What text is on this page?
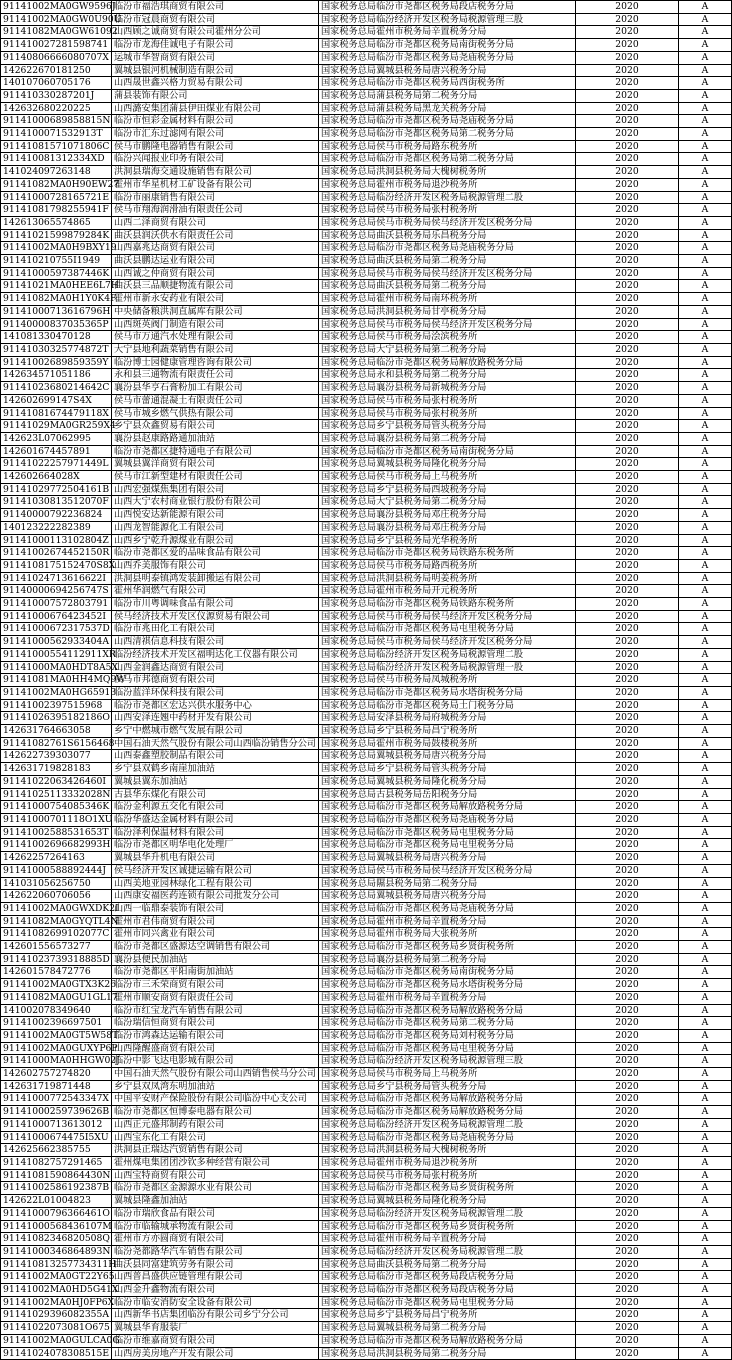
91141002MA0GW9596J	临汾市福浩琪商贸有限公司	国家税务总局临汾市尧都区税务局段店税务分局	2020	A
91141002MA0GW0U90U	临汾市冠晨商贸有限公司	国家税务总局临汾经济开发区税务局税源管理三股	2020	A
91141082MA0GW61092	山西顾之诚商贸有限公司霍州分公司	国家税务总局霍州市税务局辛置税务分局	2020	A
911410027281598741	临汾市龙海佳诚电子有限公司	国家税务总局临汾市尧都区税务局南街税务分局	2020	A
91140806666080707X	运城市华智商贸有限公司	国家税务总局临汾市尧都区税务局尧庙税务分局	2020	A
142622670181250	翼城县银河机械制造有限公司	国家税务总局翼城县税务局唐兴税务分局	2020	A
140107060705176	山西晟世鑫兴格力贸易有限公司	国家税务总局临汾市尧都区税务局西街税务所	2020	A
911410330287201J	蒲县装饰有限公司	国家税务总局蒲县税务局第二税务分局	2020	A
142632680220225	山西潞安集团蒲县伊田煤业有限公司	国家税务总局蒲县税务局黑龙关税务分局	2020	A
91141000689858815N	临汾市恒彩金属材料有限公司	国家税务总局临汾市尧都区税务局尧庙税务分局	2020	A
9114100071532913T	临汾市汇东过滤网有限公司	国家税务总局临汾市尧都区税务局第二税务分局	2020	A
91141081571071806C	侯马市鹏隆电器销售有限公司	国家税务总局侯马市税务局路东税务所	2020	A
911410081312334XD	临汾兴闻报业印务有限公司	国家税务总局临汾市尧都区税务局第二税务分局	2020	A
141024097263148	洪洞县瑞海交通设施销售有限公司	国家税务总局洪洞县税务局大槐树税务所	2020	A
91141082MA0H90EW27	霍州市华星机材工矿设备有限公司	国家税务总局霍州市税务局退沙税务所	2020	A
91141000728165721E	临汾市丽康销售有限公司	国家税务总局临汾经济开发区税务局税源管理二股	2020	A
91141081798255941F	侯马市翔海润滑油有限责任公司	国家税务总局侯马市税务局张村税务所	2020	A
142613065574865	山西二泽商贸有限公司	国家税务总局侯马市税务局侯马经济开发区税务分局	2020	A
91141021599879284K	曲沃县润沃供水有限责任公司	国家税务总局曲沃县税务局乐昌税务分局	2020	A
91141002MA0H9BXY19	山西嘉兆达商贸有限公司	国家税务总局临汾市尧都区税务局尧庙税务分局	2020	A
911410210755I1949	曲沃县鹏达运业有限公司	国家税务总局曲沃县税务局第二税务分局	2020	A
91141000597387446K	山西诚之仲商贸有限公司	国家税务总局侯马市税务局侯马经济开发区税务分局	2020	A
91141021MA0HEE6L7H	曲沃县三品顺捷物流有限公司	国家税务总局曲沃县税务局第二税务分局	2020	A
91141082MA0H1Y0K4F	霍州市新永安药业有限公司	国家税务总局霍州市税务局南环税务所	2020	A
91141000713616796H	中央储备粮洪洞直属库有限公司	国家税务总局洪洞县税务局甘亭税务分局	2020	A
91140000837035365P	山西斑英阀门制造有限公司	国家税务总局侯马市税务局侯马经济开发区税务分局	2020	A
141081330470128	侯马市万通汽水处理有限公司	国家税务总局侯马市税务局浍滨税务所	2020	A
91141030325774872T	大宁县地利蔬菜销售有限公司	国家税务总局大宁县税务局第二税务分局	2020	A
91141002689859359Y	临汾博士园健康管理咨询有限公司	国家税务总局临汾市尧都区税务局解放路税务分局	2020	A
142634571051186	永和县三通物流有限责任公司	国家税务总局永和县税务局第二税务分局	2020	A
91141023680214642C	襄汾县华亨石膏粉加工有限公司	国家税务总局襄汾县税务局新城税务分局	2020	A
142602699147S4X	侯马市蕾通混凝土有限责任公司	国家税务总局侯马市税务局张村税务所	2020	A
91141081674479118X	侯马市城乡燃气供热有限公司	国家税务总局侯马市税务局张村税务所	2020	A
91141029MA0GR259X4	乡宁县众鑫贸易有限公司	国家税务总局乡宁县税务局管头税务分局	2020	A
142623L07062995	襄汾县赵康路路通加油站	国家税务总局襄汾县税务局第二税务分局	2020	A
142601674457891	临汾市尧都区捷特通电子有限公司	国家税务总局临汾市尧都区税务局南街税务分局	2020	A
91141022257971449L	翼城县翼洋商贸有限公司	国家税务总局翼城县税务局隆化税务分局	2020	A
142602664028X	侯马市江新型建材有限责任公司	国家税务总局侯马市税务局上马税务所	2020	A
91141029772504161B	山西宏强煤焦集团有限公司	国家税务总局乡宁县税务局西坡税务分局	2020	A
91141030813512070F	山西大宁农村商业银行股份有限公司	国家税务总局大宁县税务局第二税务分局	2020	A
91140000792236824	山西悦安达新能源有限公司	国家税务总局襄汾县税务局邓庄税务分局	2020	A
140123222282389	山西龙智能源化工有限公司	国家税务总局襄汾县税务局邓庄税务分局	2020	A
91141000113102804Z	山西乡宁乾升源煤业有限公司	国家税务总局乡宁县税务局光华税务所	2020	A
91141002674452150R	临汾市尧都区爱的品味食品有限公司	国家税务总局临汾市尧都区税务局铁路东税务所	2020	A
9114108175152470S8X	山西乔美服饰有限公司	国家税务总局侯马市税务局路西税务所	2020	A
91141024713616622I	洪洞县明泰镇鸿发装卸搬运有限公司	国家税务总局洪洞县税务局明姜税务所	2020	A
91140000694256747S	霍州华润燃气有限公司	国家税务总局霍州市税务局开元税务所	2020	A
911410007572803791	临汾市川粤调味食品有限公司	国家税务总局临汾市尧都区税务局铁路东税务所	2020	A
91141000676423452I	侯马经济技术开发区仪源贸易有限公司	国家税务总局侯马市税务局侯马经济开发区税务分局	2020	A
91141000672317537D	临汾市兆田化工有限公司	国家税务总局临汾市尧都区税务局屯里税务分局	2020	A
91141000562933404A	山西清祺信息科技有限公司	国家税务总局侯马市税务局侯马经济开发区税务分局	2020	A
91141000554112911XR	临汾经济技术开发区福明达化工仪器有限公司	国家税务总局临汾经济开发区税务局税源管理二股	2020	A
91141000MA0HDT8A5X	山西金润鑫达商贸有限公司	国家税务总局临汾经济开发区税务局税源管理一股	2020	A
91141081MA0HH4MQ9W	侯马市邦德商贸有限公司	国家税务总局侯马市税务局凤城税务所	2020	A
91141002MA0HG65913	临汾蓝洋环保科技有限公司	国家税务总局临汾市尧都区税务局水塔街税务分局	2020	A
91141002397515968	临汾市尧都区宏达兴供水服务中心	国家税务总局临汾市尧都区税务局土门税务分局	2020	A
91141026395182186O	山西安泽连翘中药材开发有限公司	国家税务总局安泽县税务局府城税务分局	2020	A
142631764663058	乡宁中燃城市燃气发展有限公司	国家税务总局乡宁县税务局昌宁税务所	2020	A
91141082761S6156468	中国石油天然气股份有限公司山西临汾销售分公司	国家税务总局霍州市税务局鼓楼税务所	2020	A
142622739303077	山西泰鑫塑胶制品有限公司	国家税务总局翼城县税务局唐兴税务分局	2020	A
142631719828183	乡宁县双鹤乡南崖加油站	国家税务总局乡宁县税务局管头税务分局	2020	A
91141022063426460I	翼城县翼东加油站	国家税务总局翼城县税务局隆化税务分局	2020	A
91141025113332028N	古县华东煤化有限公司	国家税务总局古县税务局岳阳税务分局	2020	A
91141000754085346K	临汾金利源五交化有限公司	国家税务总局临汾市尧都区税务局解放路税务分局	2020	A
91141000701118O1XU	临汾华盛达金属材料有限公司	国家税务总局临汾市尧都区税务局尧庙税务分局	2020	A
91141002588531653T	临汾泽利保温材料有限公司	国家税务总局临汾市尧都区税务局屯里税务分局	2020	A
91141002696682993H	临汾市尧都区明华电化处理厂	国家税务总局临汾市尧都区税务局屯里税务分局	2020	A
14262257264163	翼城县华升机电有限公司	国家税务总局翼城县税务局唐兴税务分局	2020	A
91141000588892444J	侯马经济开发区诚捷运输有限公司	国家税务总局侯马市税务局侯马经济开发区税务分局	2020	A
141031056256750	山西美地亚园林绿化工程有限公司	国家税务总局隰县税务局第二税务分局	2020	A
142622060706056	山西康安福医药连锁有限公司批发分公司	国家税务总局翼城县税务局唐兴税务分局	2020	A
91141002MA0GWXDK2I	山西一临鼎泰装饰有限公司	国家税务总局临汾市尧都区税务局尧庙税务分局	2020	A
91141082MA0GYQTL4N	霍州市君伟商贸有限公司	国家税务总局霍州市税务局辛置税务分局	2020	A
91141082699102077C	霍州市同兴禽业有限公司	国家税务总局霍州市税务局大张税务所	2020	A
142601556573277	临汾市尧都区盛源达空调销售有限公司	国家税务总局临汾市尧都区税务局乡贤街税务所	2020	A
91141023739318885D	襄汾县便民加油站	国家税务总局襄汾县税务局第二税务分局	2020	A
142601578472776	临汾市尧都区平阳南街加油站	国家税务总局临汾市尧都区税务局南街税务分局	2020	A
91141002MA0GTX3K26	临汾市三禾荣商贸有限公司	国家税务总局临汾市尧都区税务局水塔街税务分局	2020	A
91141082MA0GU1GL17	霍州市顺安商贸有限责任公司	国家税务总局霍州市税务局辛置税务分局	2020	A
141002078349640	临汾市红宝龙汽车销售有限公司	国家税务总局临汾市尧都区税务局解放路税务分局	2020	A
91141002396697501	临汾瑞信恒商贸有限公司	国家税务总局临汾市尧都区税务局第二税务分局	2020	A
91141002MA0GT5W58T	临汾市鸿森达运输有限公司	国家税务总局临汾市尧都区税务局刘村税务分局	2020	A
91141002MA0GUXYP6P	山西隆醒盛商贸有限公司	国家税务总局临汾市尧都区税务局屯里税务分局	2020	A
91141000MA0HHGW02J	临汾中影飞达电影城有限公司	国家税务总局临汾经济开发区税务局税源管理三股	2020	A
142602757274820	中国石油天然气股份有限公司山西销售侯马分公司	国家税务总局侯马市税务局上马税务所	2020	A
142631719871448	乡宁县双凤湾东明加油站	国家税务总局乡宁县税务局管头税务分局	2020	A
91141000772543347X	中国平安财产保险股份有限公司临汾中心支公司	国家税务总局临汾市尧都区税务局解放路税务分局	2020	A
91141000259739626B	临汾市尧都区恒博泰电器有限公司	国家税务总局临汾市尧都区税务局解放路税务分局	2020	A
91141000713613012	山西正元盛邦制药有限公司	国家税务总局临汾经济开发区税务局税源管理二股	2020	A
91141000674475I5XU	山西宝东化工有限公司	国家税务总局临汾市尧都区税务局尧庙税务分局	2020	A
142625662385755	洪洞县正瑞达汽贸销售有限公司	国家税务总局洪洞县税务局大槐树税务所	2020	A
91141082757291465	霍州煤电集团团沙钦多种经营有限公司	国家税务总局霍州市税务局退沙税务所	2020	A
91141081590864430N	山西宝特商贸有限公司	国家税务总局侯马市税务局张村税务所	2020	A
91141002586192387B	临汾市尧都区金源源水业有限公司	国家税务总局临汾市尧都区税务局乡贤街税务所	2020	A
142622L01004823	翼城县隆鑫加油站	国家税务总局翼城县税务局隆化税务分局	2020	A
91141000796366461O	临汾市瑞欣食品有限公司	国家税务总局临汾经济开发区税务局税源管理二股	2020	A
91141000568436107M	临汾市临输城承物流有限公司	国家税务总局临汾市尧都区税务局乡贤街税务所	2020	A
91141082346820508Q	霍州市方亦圆商贸有限公司	国家税务总局霍州市税务局辛置税务分局	2020	A
91141000346864893N	临汾尧都路华汽车销售有限公司	国家税务总局临汾经济开发区税务局税源管理二股	2020	A
911410813257734311H	曲沃县同富建筑劳务有限公司	国家税务总局曲沃县税务局第二税务分局	2020	A
91141002MA0GT22Y65	山西普昌盛供应链管理有限公司	国家税务总局临汾市尧都区税务局段店税务分局	2020	A
91141002MA0HD5G41X	山西金升鑫物流有限公司	国家税务总局临汾市尧都区税务局段店税务分局	2020	A
91141002MA0HJ0FP6X	临汾市临安消防安全设备有限公司	国家税务总局临汾市尧都区税务局屯里税务分局	2020	A
91141029396082355A	山西新华书店集团临汾有限公司乡宁分公司	国家税务总局乡宁县税务局昌宁税务所	2020	A
91141022073081O675	翼城县华育服装厂	国家税务总局翼城县税务局第二税务分局	2020	A
91141002MA0GULCA0G	临汾市维嘉商贸有限公司	国家税务总局临汾市尧都区税务局解放路税务分局	2020	A
91141024078308515E	山西房美房地产开发有限公司	国家税务总局洪洞县税务局第二税务分局	2020	A
